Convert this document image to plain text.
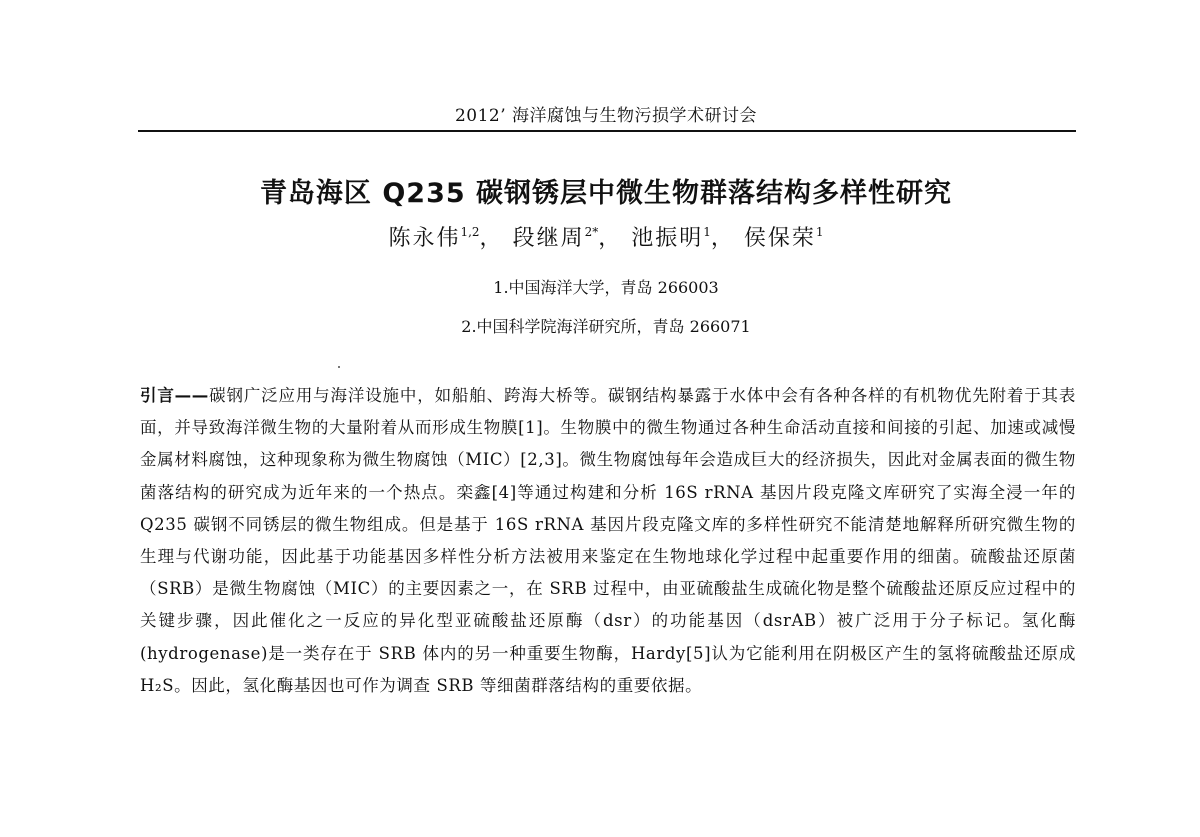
2012’ 海洋腐蚀与生物污损学术研讨会
青岛海区 Q235 碳钢锈层中微生物群落结构多样性研究
陈永伟$^{1,2}$， 段继周$^{2*}$， 池振明$^1$， 侯保荣$^1$
1.中国海洋大学，青岛 266003
2.中国科学院海洋研究所，青岛 266071

引言——碳钢广泛应用与海洋设施中，如船舶、跨海大桥等。碳钢结构暴露于水体中会有各种各样的有机物优先附着于其表面，并导致海洋微生物的大量附着从而形成生物膜[1]。生物膜中的微生物通过各种生命活动直接和间接的引起、加速或减慢金属材料腐蚀，这种现象称为微生物腐蚀（MIC）[2,3]。微生物腐蚀每年会造成巨大的经济损失，因此对金属表面的微生物菌落结构的研究成为近年来的一个热点。栾鑫[4]等通过构建和分析 16S rRNA 基因片段克隆文库研究了实海全浸一年的 Q235 碳钢不同锈层的微生物组成。但是基于 16S rRNA 基因片段克隆文库的多样性研究不能清楚地解释所研究微生物的生理与代谢功能，因此基于功能基因多样性分析方法被用来鉴定在生物地球化学过程中起重要作用的细菌。硫酸盐还原菌（SRB）是微生物腐蚀（MIC）的主要因素之一，在 SRB 过程中，由亚硫酸盐生成硫化物是整个硫酸盐还原反应过程中的关键步骤，因此催化之一反应的异化型亚硫酸盐还原酶（dsr）的功能基因（dsrAB）被广泛用于分子标记。氢化酶(hydrogenase)是一类存在于 SRB 体内的另一种重要生物酶，Hardy[5]认为它能利用在阴极区产生的氢将硫酸盐还原成 H₂S。因此，氢化酶基因也可作为调查 SRB 等细菌群落结构的重要依据。
